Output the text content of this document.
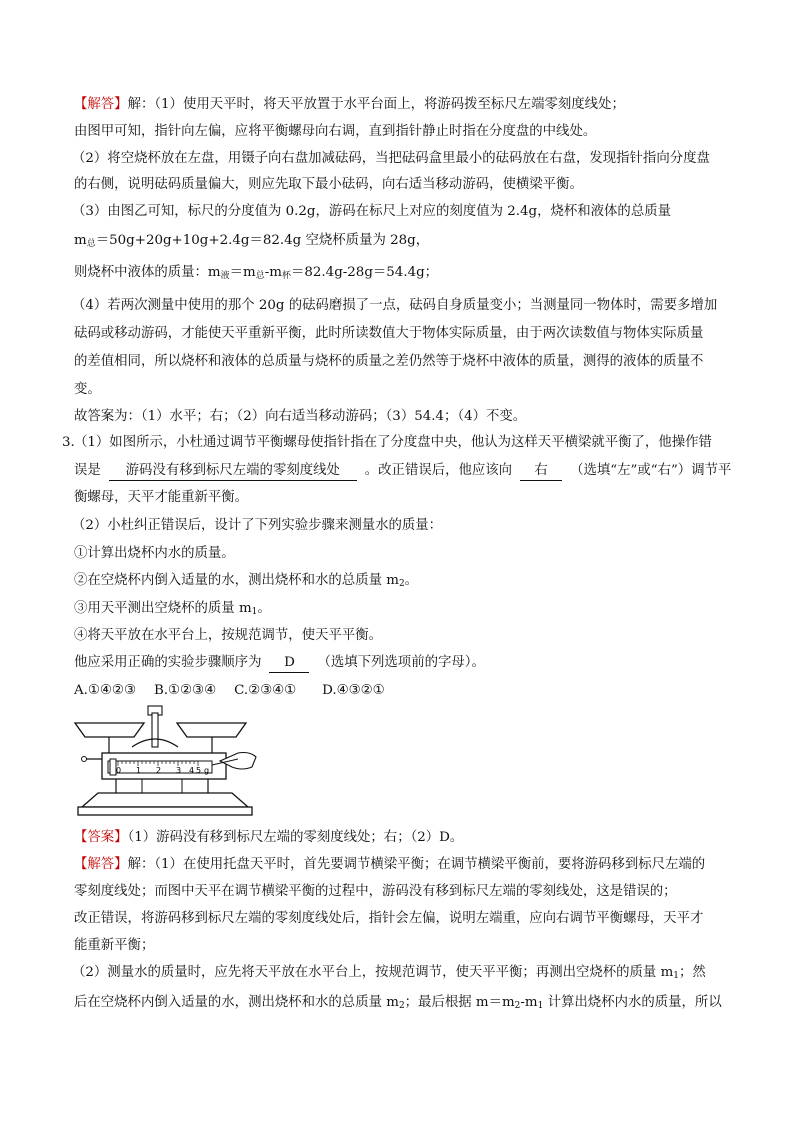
【解答】解：（1）使用天平时，将天平放置于水平台面上，将游码拨至标尺左端零刻度线处；
由图甲可知，指针向左偏，应将平衡螺母向右调，直到指针静止时指在分度盘的中线处。
（2）将空烧杯放在左盘，用镊子向右盘加减砝码，当把砝码盒里最小的砝码放在右盘，发现指针指向分度盘
的右侧，说明砝码质量偏大，则应先取下最小砝码，向右适当移动游码，使横梁平衡。
（3）由图乙可知，标尺的分度值为 0.2g，游码在标尺上对应的刻度值为 2.4g，烧杯和液体的总质量
$m_总=50g+20g+10g+2.4g=82.4g$ 空烧杯质量为 28g，
则烧杯中液体的质量：$m_液=m_总-m_杯=82.4g-28g=54.4g$；
（4）若两次测量中使用的那个 20g 的砝码磨损了一点，砝码自身质量变小；当测量同一物体时，需要多增加
砝码或移动游码，才能使天平重新平衡，此时所读数值大于物体实际质量，由于两次读数值与物体实际质量
的差值相同，所以烧杯和液体的总质量与烧杯的质量之差仍然等于烧杯中液体的质量，测得的液体的质量不
变。
故答案为：（1）水平；右；（2）向右适当移动游码；（3）54.4；（4）不变。
3. （1）如图所示，小杜通过调节平衡螺母使指针指在了分度盘中央，他认为这样天平横梁就平衡了，他操作错
误是 游码没有移到标尺左端的零刻度线处 。改正错误后，他应该向 右 （选填“左”或“右”）调节平
衡螺母，天平才能重新平衡。
（2）小杜纠正错误后，设计了下列实验步骤来测量水的质量：
①计算出烧杯内水的质量。
②在空烧杯内倒入适量的水，测出烧杯和水的总质量 $m_2$。
③用天平测出空烧杯的质量 $m_1$。
④将天平放在水平台上，按规范调节，使天平平衡。
他应采用正确的实验步骤顺序为 D （选填下列选项前的字母）。
A.①④②③ B.①②③④ C.②③④① D.④③②①
0 1 2 3 4 5 g
【答案】（1）游码没有移到标尺左端的零刻度线处；右；（2）D。
【解答】解：（1）在使用托盘天平时，首先要调节横梁平衡；在调节横梁平衡前，要将游码移到标尺左端的
零刻度线处；而图中天平在调节横梁平衡的过程中，游码没有移到标尺左端的零刻线处，这是错误的；
改正错误，将游码移到标尺左端的零刻度线处后，指针会左偏，说明左端重，应向右调节平衡螺母，天平才
能重新平衡；
（2）测量水的质量时，应先将天平放在水平台上，按规范调节，使天平平衡；再测出空烧杯的质量 $m_1$；然
后在空烧杯内倒入适量的水，测出烧杯和水的总质量 $m_2$；最后根据 $m=m_2-m_1$ 计算出烧杯内水的质量，所以
